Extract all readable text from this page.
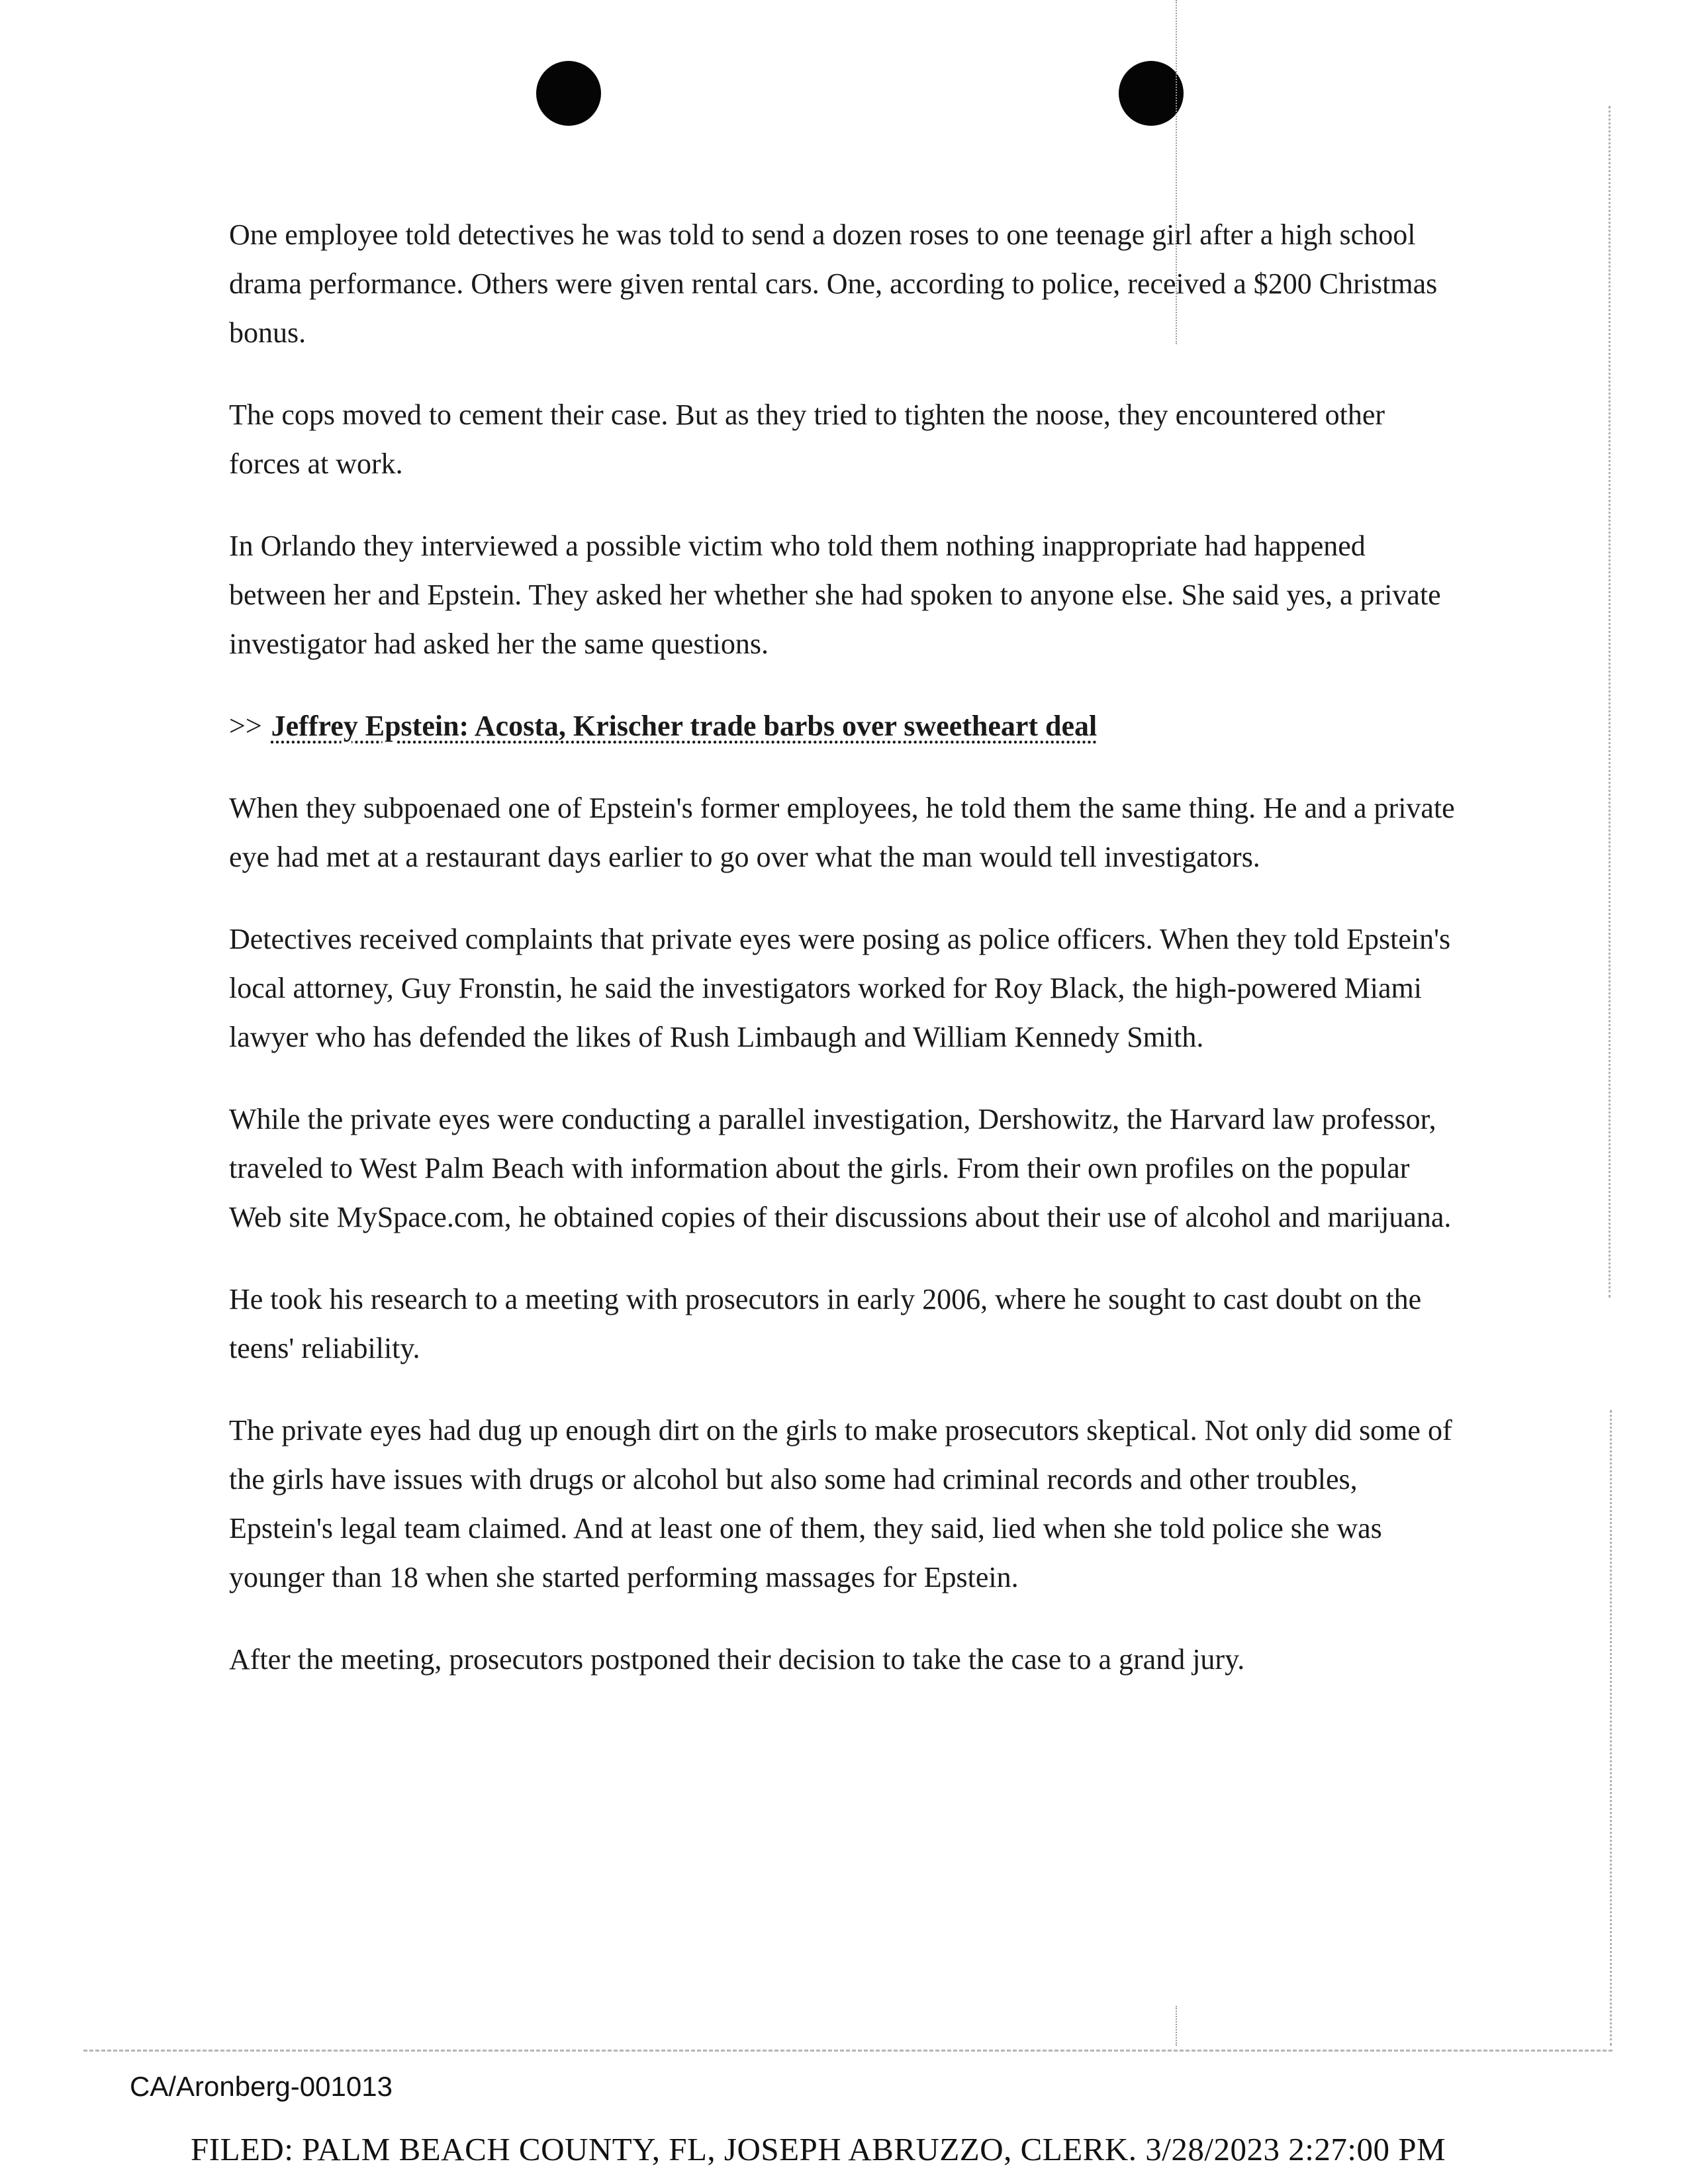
One employee told detectives he was told to send a dozen roses to one teenage girl after a high school drama performance. Others were given rental cars. One, according to police, received a $200 Christmas bonus.

The cops moved to cement their case. But as they tried to tighten the noose, they encountered other forces at work.

In Orlando they interviewed a possible victim who told them nothing inappropriate had happened between her and Epstein. They asked her whether she had spoken to anyone else. She said yes, a private investigator had asked her the same questions.

>> Jeffrey Epstein: Acosta, Krischer trade barbs over sweetheart deal

When they subpoenaed one of Epstein's former employees, he told them the same thing. He and a private eye had met at a restaurant days earlier to go over what the man would tell investigators.

Detectives received complaints that private eyes were posing as police officers. When they told Epstein's local attorney, Guy Fronstin, he said the investigators worked for Roy Black, the high-powered Miami lawyer who has defended the likes of Rush Limbaugh and William Kennedy Smith.

While the private eyes were conducting a parallel investigation, Dershowitz, the Harvard law professor, traveled to West Palm Beach with information about the girls. From their own profiles on the popular Web site MySpace.com, he obtained copies of their discussions about their use of alcohol and marijuana.

He took his research to a meeting with prosecutors in early 2006, where he sought to cast doubt on the teens' reliability.

The private eyes had dug up enough dirt on the girls to make prosecutors skeptical. Not only did some of the girls have issues with drugs or alcohol but also some had criminal records and other troubles, Epstein's legal team claimed. And at least one of them, they said, lied when she told police she was younger than 18 when she started performing massages for Epstein.

After the meeting, prosecutors postponed their decision to take the case to a grand jury.

CA/Aronberg-001013
FILED: PALM BEACH COUNTY, FL, JOSEPH ABRUZZO, CLERK. 3/28/2023 2:27:00 PM
